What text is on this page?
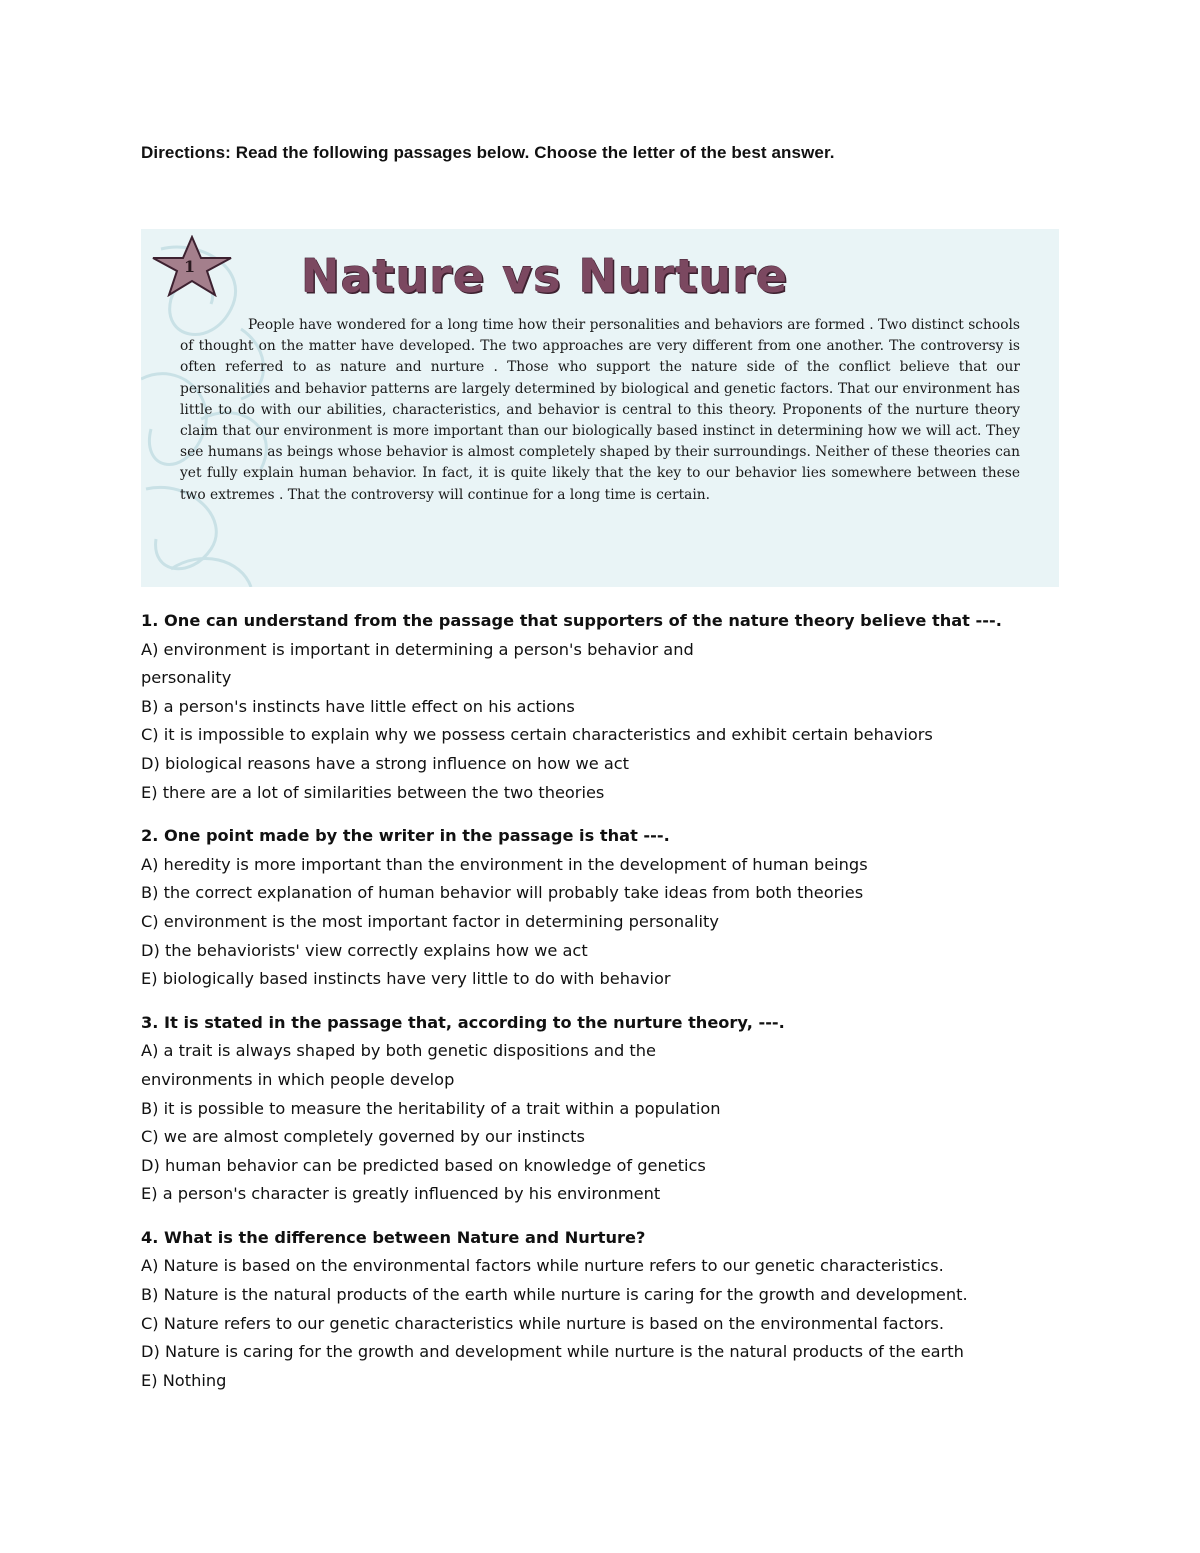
Directions: Read the following passages below. Choose the letter of the best answer.
1 Nature vs Nurture
People have wondered for a long time how their personalities and behaviors are formed . Two distinct schools of thought on the matter have developed. The two approaches are very different from one another. The controversy is often referred to as nature and nurture . Those who support the nature side of the conflict believe that our personalities and behavior patterns are largely determined by biological and genetic factors. That our environment has little to do with our abilities, characteristics, and behavior is central to this theory. Proponents of the nurture theory claim that our environment is more important than our biologically based instinct in determining how we will act. They see humans as beings whose behavior is almost completely shaped by their surroundings. Neither of these theories can yet fully explain human behavior. In fact, it is quite likely that the key to our behavior lies somewhere between these two extremes . That the controversy will continue for a long time is certain.
1. One can understand from the passage that supporters of the nature theory believe that ---.
A) environment is important in determining a person's behavior and
personality
B) a person's instincts have little effect on his actions
C) it is impossible to explain why we possess certain characteristics and exhibit certain behaviors
D) biological reasons have a strong influence on how we act
E) there are a lot of similarities between the two theories
2. One point made by the writer in the passage is that ---.
A) heredity is more important than the environment in the development of human beings
B) the correct explanation of human behavior will probably take ideas from both theories
C) environment is the most important factor in determining personality
D) the behaviorists' view correctly explains how we act
E) biologically based instincts have very little to do with behavior
3. It is stated in the passage that, according to the nurture theory, ---.
A) a trait is always shaped by both genetic dispositions and the
environments in which people develop
B) it is possible to measure the heritability of a trait within a population
C) we are almost completely governed by our instincts
D) human behavior can be predicted based on knowledge of genetics
E) a person's character is greatly influenced by his environment
4. What is the difference between Nature and Nurture?
A) Nature is based on the environmental factors while nurture refers to our genetic characteristics.
B) Nature is the natural products of the earth while nurture is caring for the growth and development.
C) Nature refers to our genetic characteristics while nurture is based on the environmental factors.
D) Nature is caring for the growth and development while nurture is the natural products of the earth
E) Nothing
